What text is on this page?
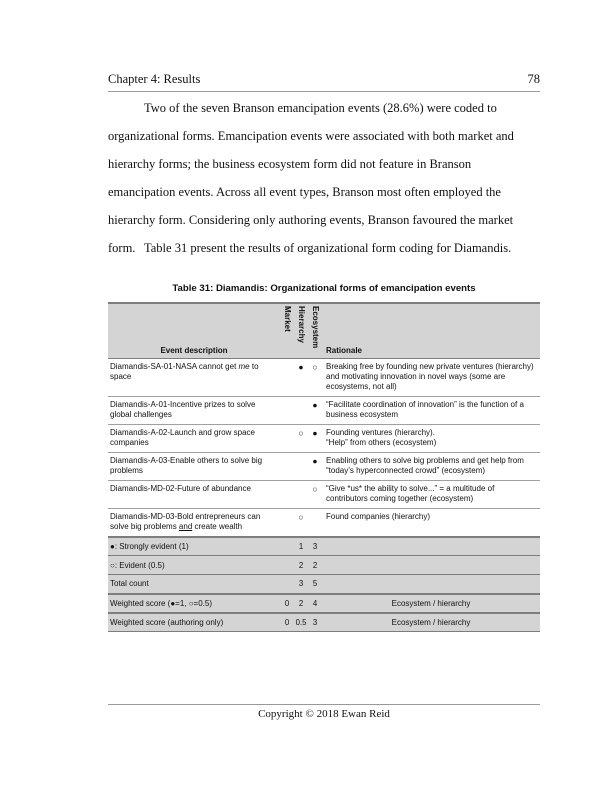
Chapter 4: Results	78

Two of the seven Branson emancipation events (28.6%) were coded to organizational forms. Emancipation events were associated with both market and hierarchy forms; the business ecosystem form did not feature in Branson emancipation events. Across all event types, Branson most often employed the hierarchy form. Considering only authoring events, Branson favoured the market form. Table 31 present the results of organizational form coding for Diamandis.

Table 31: Diamandis: Organizational forms of emancipation events
Event description	Market	Hierarchy	Ecosystem	Rationale
Diamandis-SA-01-NASA cannot get me to space		●	○	Breaking free by founding new private ventures (hierarchy) and motivating innovation in novel ways (some are ecosystems, not all)
Diamandis-A-01-Incentive prizes to solve global challenges			●	“Facilitate coordination of innovation” is the function of a business ecosystem
Diamandis-A-02-Launch and grow space companies		○	●	Founding ventures (hierarchy).
“Help” from others (ecosystem)

Diamandis-A-03-Enable others to solve big problems			●	Enabling others to solve big problems and get help from “today’s hyperconnected crowd” (ecosystem)
Diamandis-MD-02-Future of abundance			○	“Give *us* the ability to solve...” = a multitude of contributors coming together (ecosystem)
Diamandis-MD-03-Bold entrepreneurs can solve big problems and create wealth		○		Found companies (hierarchy)
●: Strongly evident (1)		1	3	
○: Evident (0.5)		2	2	
Total count		3	5	
Weighted score (●=1, ○=0.5)	0	2	4	Ecosystem / hierarchy
Weighted score (authoring only)	0	0.5	3	Ecosystem / hierarchy
Copyright © 2018 Ewan Reid
